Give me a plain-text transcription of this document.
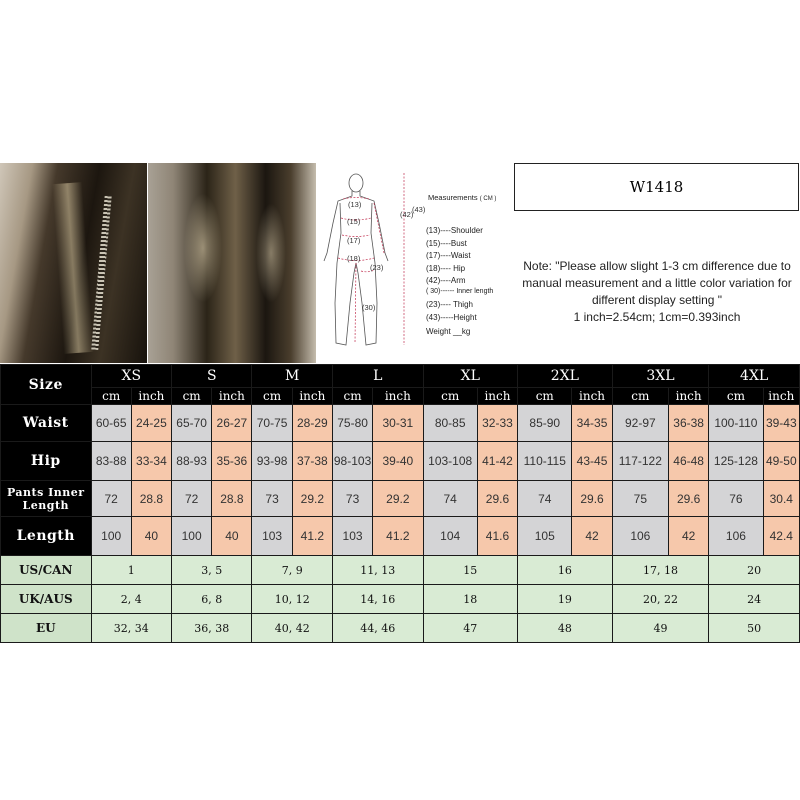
(13)
(15)
(17)
(18)
(23)
(30)
(42)
(43)
Measurements ( CM )
(13)----Shoulder
(15)----Bust
(17)----Waist
(18)---- Hip
(42)----Arm
( 30)------ Inner length
(23)---- Thigh
(43)-----Height
Weight __kg
W1418
Note: "Please allow slight 1-3 cm difference due to manual measurement and a little color variation for different display setting "
1 inch=2.54cm; 1cm=0.393inch
Size	XS		S		M		L		XL		2XL		3XL		4XL	
	cm	inch	cm	inch	cm	inch	cm	inch	cm	inch	cm	inch	cm	inch	cm	inch
Waist	60-65	24-25	65-70	26-27	70-75	28-29	75-80	30-31	80-85	32-33	85-90	34-35	92-97	36-38	100-110	39-43
Hip	83-88	33-34	88-93	35-36	93-98	37-38	98-103	39-40	103-108	41-42	110-115	43-45	117-122	46-48	125-128	49-50
Pants Inner Length	72	28.8	72	28.8	73	29.2	73	29.2	74	29.6	74	29.6	75	29.6	76	30.4
Length	100	40	100	40	103	41.2	103	41.2	104	41.6	105	42	106	42	106	42.4
US/CAN	1		3, 5		7, 9		11, 13		15		16		17, 18		20	
UK/AUS	2, 4		6, 8		10, 12		14, 16		18		19		20, 22		24	
EU	32, 34		36, 38		40, 42		44, 46		47		48		49		50	
